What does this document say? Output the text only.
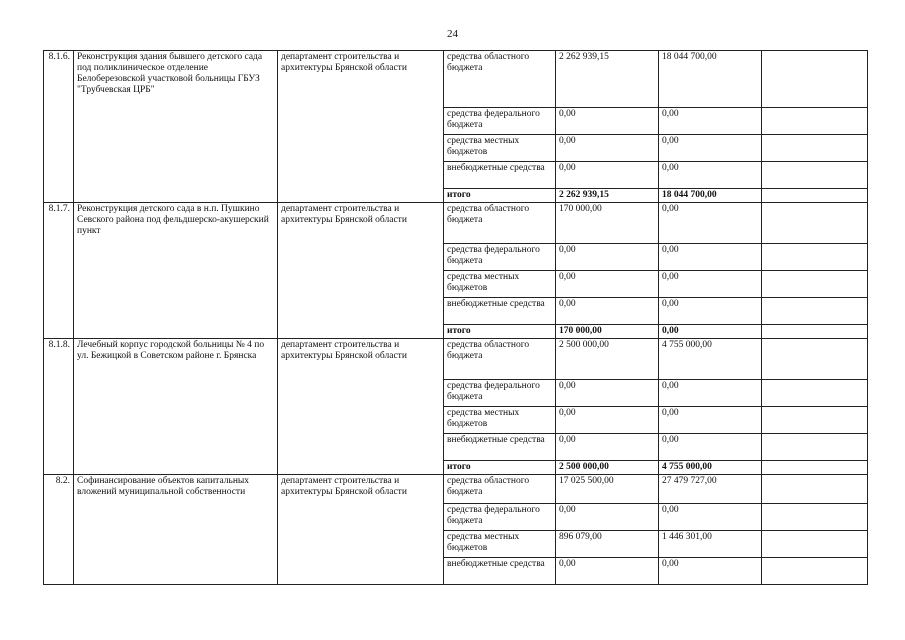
24
8.1.6.	Реконструкция здания бывшего детского сада под поликлиническое отделение Белоберезовской участковой больницы ГБУЗ "Трубчевская ЦРБ"	департамент строительства и архитектуры Брянской области	средства областного бюджета	2 262 939,15	18 044 700,00	
			средства федерального бюджета	0,00	0,00	
			средства местных бюджетов	0,00	0,00	
			внебюджетные средства	0,00	0,00	
			итого	2 262 939,15	18 044 700,00	
8.1.7.	Реконструкция детского сада в н.п. Пушкино Севского района под фельдшерско-акушерский пункт	департамент строительства и архитектуры Брянской области	средства областного бюджета	170 000,00	0,00	
			средства федерального бюджета	0,00	0,00	
			средства местных бюджетов	0,00	0,00	
			внебюджетные средства	0,00	0,00	
			итого	170 000,00	0,00	
8.1.8.	Лечебный корпус городской больницы № 4 по ул. Бежицкой в Советском районе г. Брянска	департамент строительства и архитектуры Брянской области	средства областного бюджета	2 500 000,00	4 755 000,00	
			средства федерального бюджета	0,00	0,00	
			средства местных бюджетов	0,00	0,00	
			внебюджетные средства	0,00	0,00	
			итого	2 500 000,00	4 755 000,00	
8.2.	Софинансирование объектов капитальных вложений муниципальной собственности	департамент строительства и архитектуры Брянской области	средства областного бюджета	17 025 500,00	27 479 727,00	
			средства федерального бюджета	0,00	0,00	
			средства местных бюджетов	896 079,00	1 446 301,00	
			внебюджетные средства	0,00	0,00	
